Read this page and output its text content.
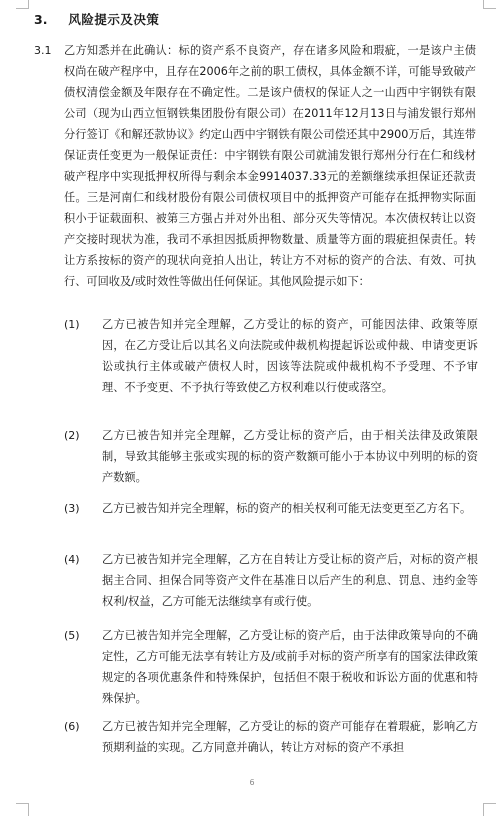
3. 风险提示及决策
3.1 乙方知悉并在此确认：标的资产系不良资产，存在诸多风险和瑕疵，一是该户主债权尚在破产程序中，且存在2006年之前的职工债权，具体金额不详，可能导致破产债权清偿金额及年限存在不确定性。二是该户债权的保证人之一山西中宇钢铁有限公司（现为山西立恒钢铁集团股份有限公司）在2011年12月13日与浦发银行郑州分行签订《和解还款协议》约定山西中宇钢铁有限公司偿还其中2900万后，其连带保证责任变更为一般保证责任：中宇钢铁有限公司就浦发银行郑州分行在仁和线材破产程序中实现抵押权所得与剩余本金9914037.33元的差额继续承担保证还款责任。三是河南仁和线材股份有限公司债权项目中的抵押资产可能存在抵押物实际面积小于证载面积、被第三方强占并对外出租、部分灭失等情况。本次债权转让以资产交接时现状为准，我司不承担因抵质押物数量、质量等方面的瑕疵担保责任。转让方系按标的资产的现状向竞拍人出让，转让方不对标的资产的合法、有效、可执行、可回收及/或时效性等做出任何保证。其他风险提示如下：
(1) 乙方已被告知并完全理解，乙方受让的标的资产，可能因法律、政策等原因，在乙方受让后以其名义向法院或仲裁机构提起诉讼或仲裁、申请变更诉讼或执行主体或破产债权人时，因该等法院或仲裁机构不予受理、不予审理、不予变更、不予执行等致使乙方权利难以行使或落空。
(2) 乙方已被告知并完全理解，乙方受让标的资产后，由于相关法律及政策限制，导致其能够主张或实现的标的资产数额可能小于本协议中列明的标的资产数额。
(3) 乙方已被告知并完全理解，标的资产的相关权利可能无法变更至乙方名下。
(4) 乙方已被告知并完全理解，乙方在自转让方受让标的资产后，对标的资产根据主合同、担保合同等资产文件在基准日以后产生的利息、罚息、违约金等权利/权益，乙方可能无法继续享有或行使。
(5) 乙方已被告知并完全理解，乙方受让标的资产后，由于法律政策导向的不确定性，乙方可能无法享有转让方及/或前手对标的资产所享有的国家法律政策规定的各项优惠条件和特殊保护，包括但不限于税收和诉讼方面的优惠和特殊保护。
(6) 乙方已被告知并完全理解，乙方受让的标的资产可能存在着瑕疵，影响乙方预期利益的实现。乙方同意并确认，转让方对标的资产不承担
6
